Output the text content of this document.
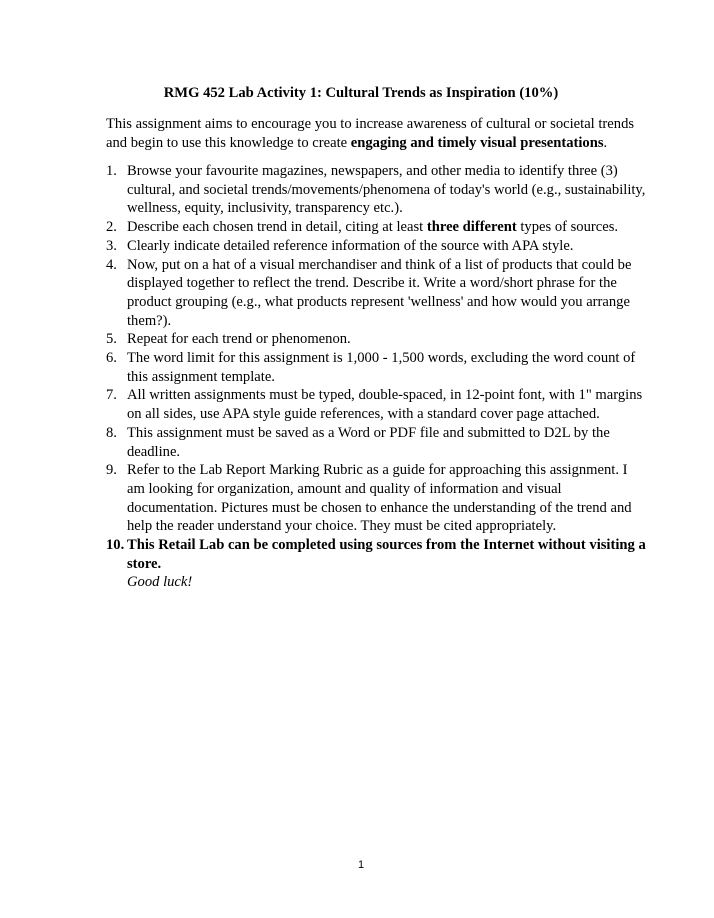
RMG 452 Lab Activity 1: Cultural Trends as Inspiration (10%)
This assignment aims to encourage you to increase awareness of cultural or societal trends and begin to use this knowledge to create engaging and timely visual presentations.
1. Browse your favourite magazines, newspapers, and other media to identify three (3) cultural, and societal trends/movements/phenomena of today's world (e.g., sustainability, wellness, equity, inclusivity, transparency etc.).
2. Describe each chosen trend in detail, citing at least three different types of sources.
3. Clearly indicate detailed reference information of the source with APA style.
4. Now, put on a hat of a visual merchandiser and think of a list of products that could be displayed together to reflect the trend. Describe it. Write a word/short phrase for the product grouping (e.g., what products represent 'wellness' and how would you arrange them?).
5. Repeat for each trend or phenomenon.
6. The word limit for this assignment is 1,000 - 1,500 words, excluding the word count of this assignment template.
7. All written assignments must be typed, double-spaced, in 12-point font, with 1" margins on all sides, use APA style guide references, with a standard cover page attached.
8. This assignment must be saved as a Word or PDF file and submitted to D2L by the deadline.
9. Refer to the Lab Report Marking Rubric as a guide for approaching this assignment. I am looking for organization, amount and quality of information and visual documentation. Pictures must be chosen to enhance the understanding of the trend and help the reader understand your choice. They must be cited appropriately.
10. This Retail Lab can be completed using sources from the Internet without visiting a store.
Good luck!
1
